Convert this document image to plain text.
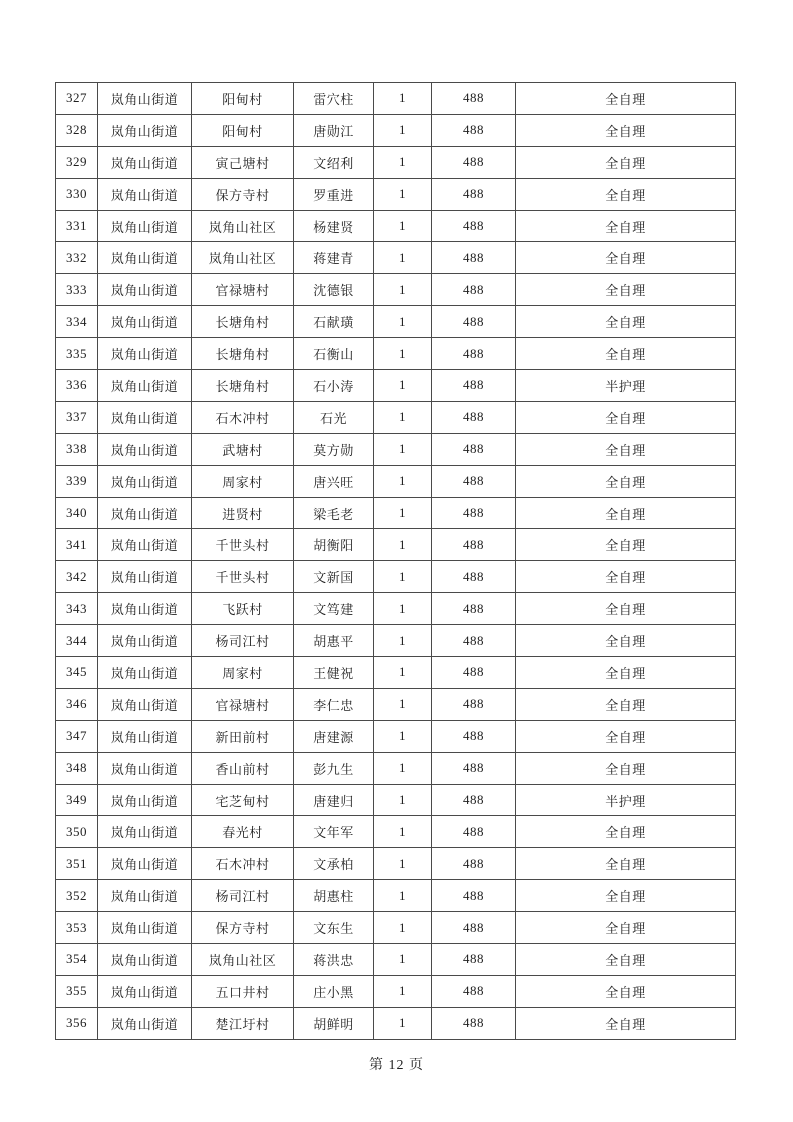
327	岚角山街道	阳甸村	雷穴柱	1	488	全自理
328	岚角山街道	阳甸村	唐勋江	1	488	全自理
329	岚角山街道	寅己塘村	文绍利	1	488	全自理
330	岚角山街道	保方寺村	罗重进	1	488	全自理
331	岚角山街道	岚角山社区	杨建贤	1	488	全自理
332	岚角山街道	岚角山社区	蒋建青	1	488	全自理
333	岚角山街道	官禄塘村	沈德银	1	488	全自理
334	岚角山街道	长塘角村	石献璜	1	488	全自理
335	岚角山街道	长塘角村	石衡山	1	488	全自理
336	岚角山街道	长塘角村	石小涛	1	488	半护理
337	岚角山街道	石木冲村	石光	1	488	全自理
338	岚角山街道	武塘村	莫方勋	1	488	全自理
339	岚角山街道	周家村	唐兴旺	1	488	全自理
340	岚角山街道	进贤村	梁毛老	1	488	全自理
341	岚角山街道	千世头村	胡衡阳	1	488	全自理
342	岚角山街道	千世头村	文新国	1	488	全自理
343	岚角山街道	飞跃村	文笃建	1	488	全自理
344	岚角山街道	杨司江村	胡惠平	1	488	全自理
345	岚角山街道	周家村	王健祝	1	488	全自理
346	岚角山街道	官禄塘村	李仁忠	1	488	全自理
347	岚角山街道	新田前村	唐建源	1	488	全自理
348	岚角山街道	香山前村	彭九生	1	488	全自理
349	岚角山街道	宅芝甸村	唐建归	1	488	半护理
350	岚角山街道	春光村	文年军	1	488	全自理
351	岚角山街道	石木冲村	文承柏	1	488	全自理
352	岚角山街道	杨司江村	胡惠柱	1	488	全自理
353	岚角山街道	保方寺村	文东生	1	488	全自理
354	岚角山街道	岚角山社区	蒋洪忠	1	488	全自理
355	岚角山街道	五口井村	庄小黑	1	488	全自理
356	岚角山街道	楚江圩村	胡鲜明	1	488	全自理
第 12 页
